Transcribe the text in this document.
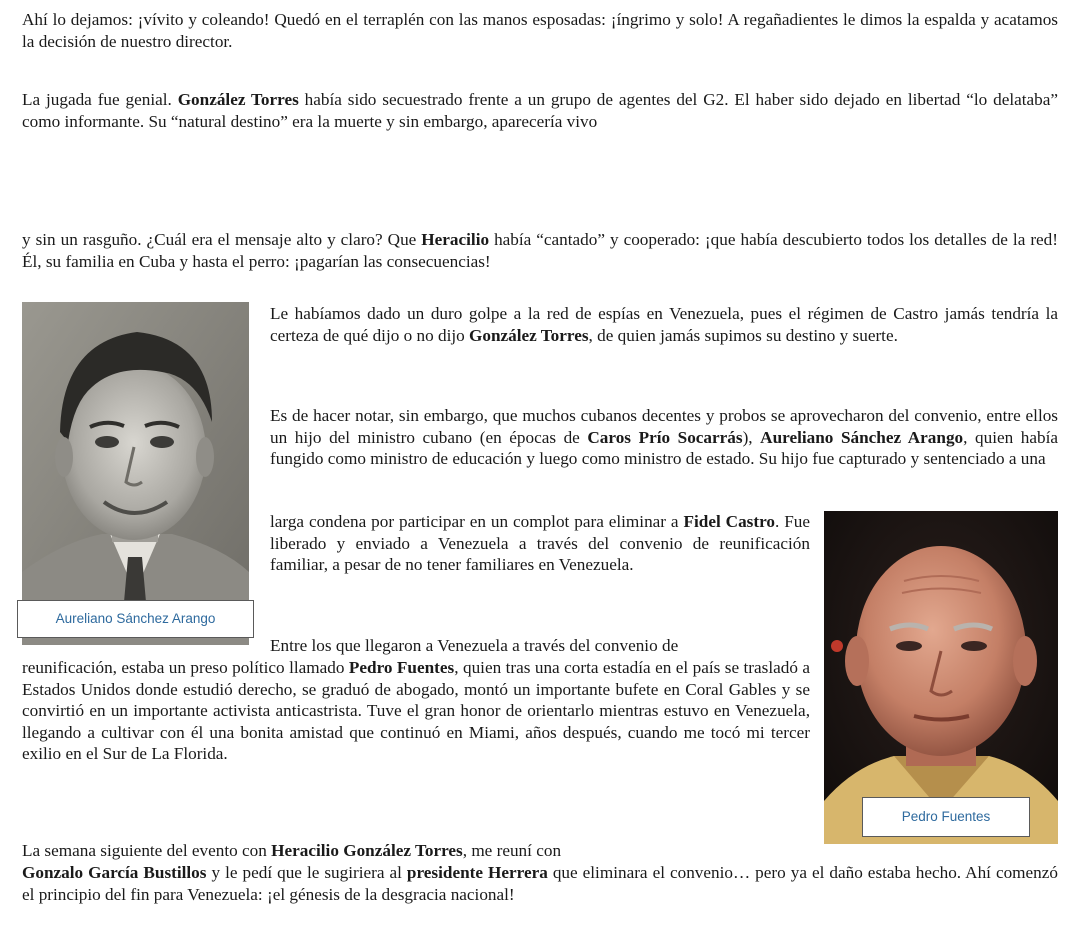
Ahí lo dejamos: ¡vívito y coleando! Quedó en el terraplén con las manos esposadas: ¡íngrimo y solo! A regañadientes le dimos la espalda y acatamos la decisión de nuestro director.
La jugada fue genial. González Torres había sido secuestrado frente a un grupo de agentes del G2. El haber sido dejado en libertad “lo delataba” como informante. Su “natural destino” era la muerte y sin embargo, aparecería vivo
y sin un rasguño. ¿Cuál era el mensaje alto y claro? Que Heracilio había “cantado” y cooperado: ¡que había descubierto todos los detalles de la red! Él, su familia en Cuba y hasta el perro: ¡pagarían las consecuencias!
Le habíamos dado un duro golpe a la red de espías en Venezuela, pues el régimen de Castro jamás tendría la certeza de qué dijo o no dijo González Torres, de quien jamás supimos su destino y suerte.
Es de hacer notar, sin embargo, que muchos cubanos decentes y probos se aprovecharon del convenio, entre ellos un hijo del ministro cubano (en épocas de Caros Prío Socarrás), Aureliano Sánchez Arango, quien había fungido como ministro de educación y luego como ministro de estado. Su hijo fue capturado y sentenciado a una
larga condena por participar en un complot para eliminar a Fidel Castro. Fue liberado y enviado a Venezuela a través del convenio de reunificación familiar, a pesar de no tener familiares en Venezuela.
Entre los que llegaron a Venezuela a través del convenio de
reunificación, estaba un preso político llamado Pedro Fuentes, quien tras una corta estadía en el país se trasladó a Estados Unidos donde estudió derecho, se graduó de abogado, montó un importante bufete en Coral Gables y se convirtió en un importante activista anticastrista. Tuve el gran honor de orientarlo mientras estuvo en Venezuela, llegando a cultivar con él una bonita amistad que continuó en Miami, años después, cuando me tocó mi tercer exilio en el Sur de La Florida.
La semana siguiente del evento con Heracilio González Torres, me reuní con
Gonzalo García Bustillos y le pedí que le sugiriera al presidente Herrera que eliminara el convenio… pero ya el daño estaba hecho. Ahí comenzó el principio del fin para Venezuela: ¡el génesis de la desgracia nacional!
Aureliano Sánchez Arango
Pedro Fuentes
